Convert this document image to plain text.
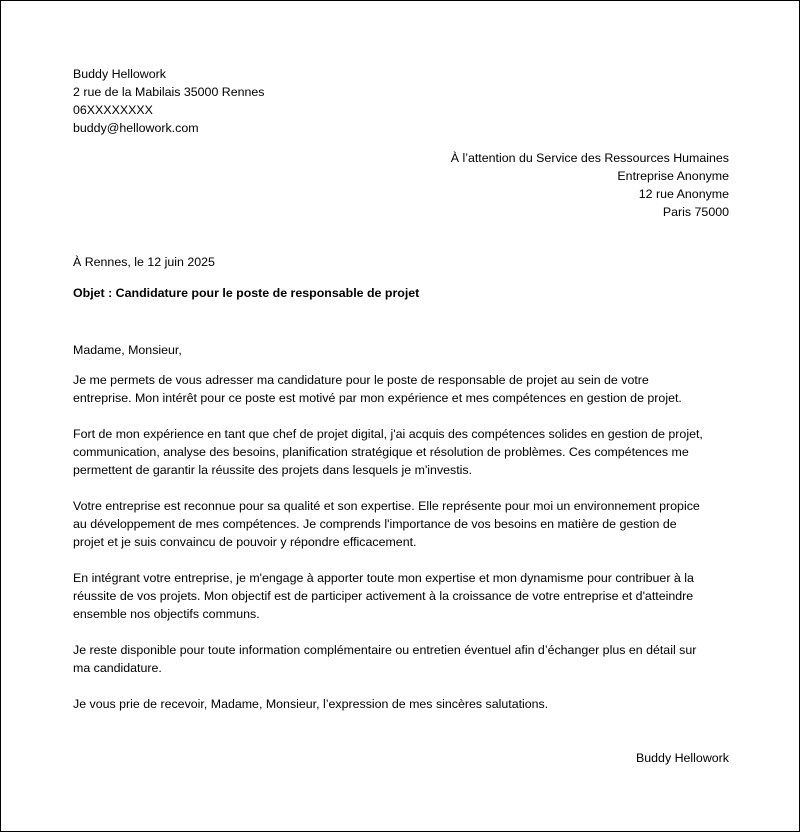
Buddy Hellowork
2 rue de la Mabilais 35000 Rennes
06XXXXXXXX
buddy@hellowork.com
À l’attention du Service des Ressources Humaines
Entreprise Anonyme
12 rue Anonyme
Paris 75000
À Rennes, le 12 juin 2025
Objet : Candidature pour le poste de responsable de projet
Madame, Monsieur,
Je me permets de vous adresser ma candidature pour le poste de responsable de projet au sein de votre
entreprise. Mon intérêt pour ce poste est motivé par mon expérience et mes compétences en gestion de projet.
Fort de mon expérience en tant que chef de projet digital, j'ai acquis des compétences solides en gestion de projet,
communication, analyse des besoins, planification stratégique et résolution de problèmes. Ces compétences me
permettent de garantir la réussite des projets dans lesquels je m'investis.
Votre entreprise est reconnue pour sa qualité et son expertise. Elle représente pour moi un environnement propice
au développement de mes compétences. Je comprends l'importance de vos besoins en matière de gestion de
projet et je suis convaincu de pouvoir y répondre efficacement.
En intégrant votre entreprise, je m'engage à apporter toute mon expertise et mon dynamisme pour contribuer à la
réussite de vos projets. Mon objectif est de participer activement à la croissance de votre entreprise et d'atteindre
ensemble nos objectifs communs.
Je reste disponible pour toute information complémentaire ou entretien éventuel afin d’échanger plus en détail sur
ma candidature.
Je vous prie de recevoir, Madame, Monsieur, l’expression de mes sincères salutations.
Buddy Hellowork
